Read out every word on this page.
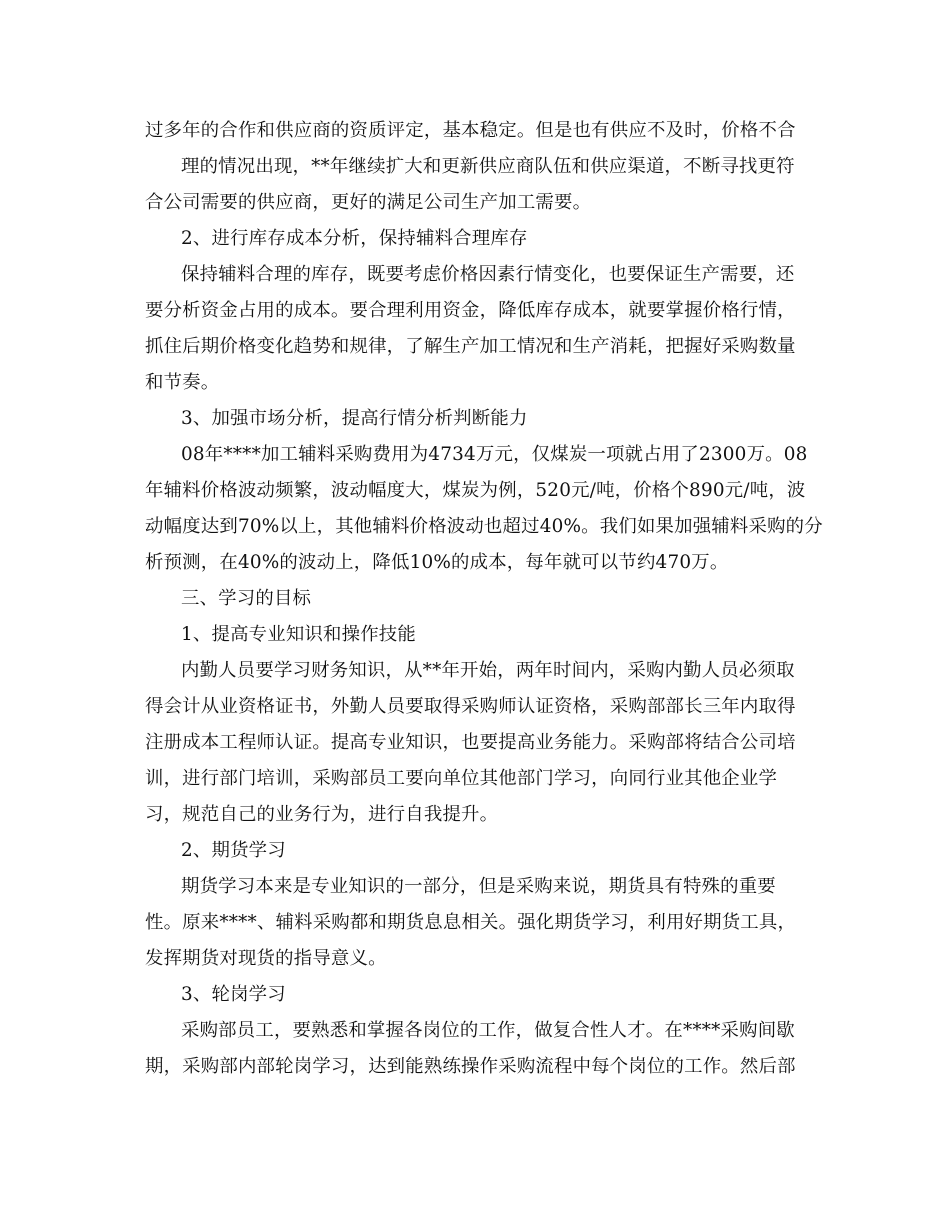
过多年的合作和供应商的资质评定，基本稳定。但是也有供应不及时，价格不合
理的情况出现，**年继续扩大和更新供应商队伍和供应渠道，不断寻找更符
合公司需要的供应商，更好的满足公司生产加工需要。
2、进行库存成本分析，保持辅料合理库存
保持辅料合理的库存，既要考虑价格因素行情变化，也要保证生产需要，还
要分析资金占用的成本。要合理利用资金，降低库存成本，就要掌握价格行情，
抓住后期价格变化趋势和规律，了解生产加工情况和生产消耗，把握好采购数量
和节奏。
3、加强市场分析，提高行情分析判断能力
08年****加工辅料采购费用为4734万元，仅煤炭一项就占用了2300万。08
年辅料价格波动频繁，波动幅度大，煤炭为例，520元/吨，价格个890元/吨，波
动幅度达到70%以上，其他辅料价格波动也超过40%。我们如果加强辅料采购的分
析预测，在40%的波动上，降低10%的成本，每年就可以节约470万。
三、学习的目标
1、提高专业知识和操作技能
内勤人员要学习财务知识，从**年开始，两年时间内，采购内勤人员必须取
得会计从业资格证书，外勤人员要取得采购师认证资格，采购部部长三年内取得
注册成本工程师认证。提高专业知识，也要提高业务能力。采购部将结合公司培
训，进行部门培训，采购部员工要向单位其他部门学习，向同行业其他企业学
习，规范自己的业务行为，进行自我提升。
2、期货学习
期货学习本来是专业知识的一部分，但是采购来说，期货具有特殊的重要
性。原来****、辅料采购都和期货息息相关。强化期货学习，利用好期货工具，
发挥期货对现货的指导意义。
3、轮岗学习
采购部员工，要熟悉和掌握各岗位的工作，做复合性人才。在****采购间歇
期，采购部内部轮岗学习，达到能熟练操作采购流程中每个岗位的工作。然后部
